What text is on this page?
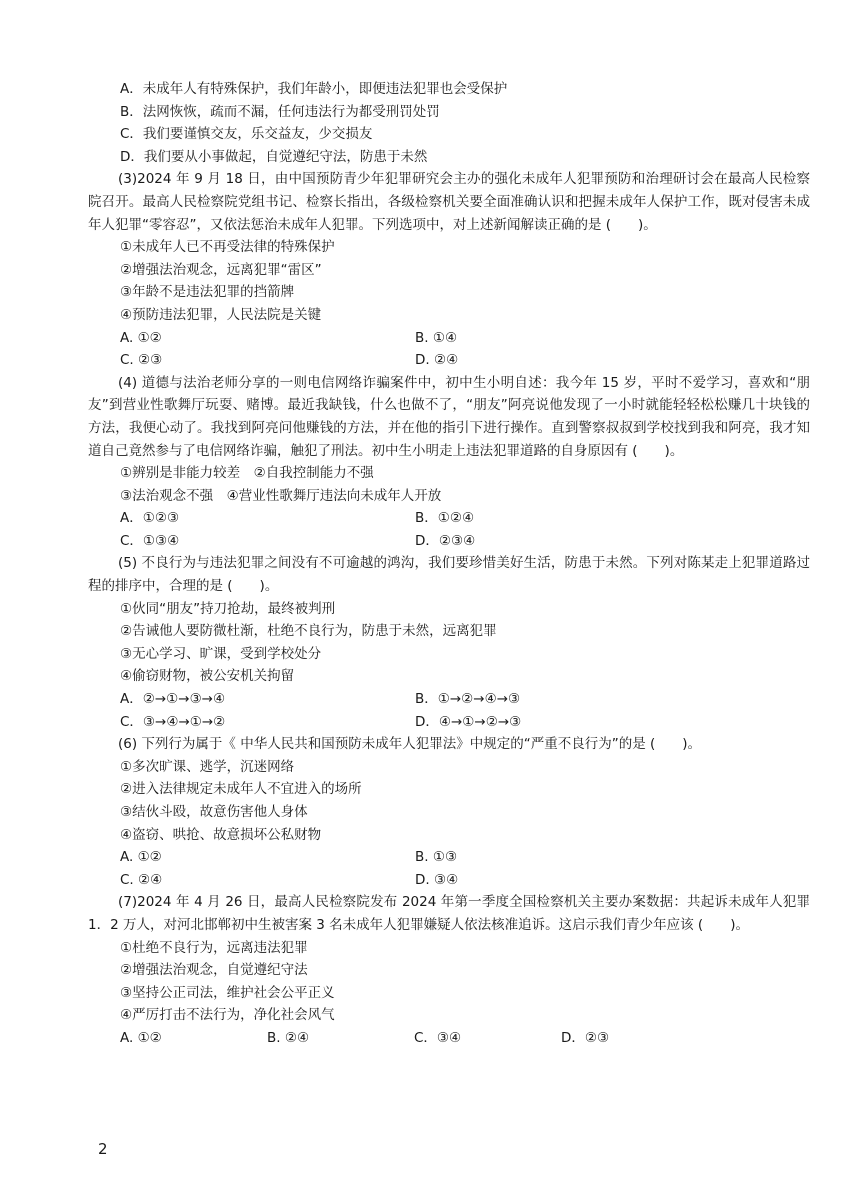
A．未成年人有特殊保护，我们年龄小，即便违法犯罪也会受保护
B．法网恢恢，疏而不漏，任何违法行为都受刑罚处罚
C．我们要谨慎交友，乐交益友，少交损友
D．我们要从小事做起，自觉遵纪守法，防患于未然
(3)2024 年 9 月 18 日，由中国预防青少年犯罪研究会主办的强化未成年人犯罪预防和治理研讨会在最高人民检察院召开。最高人民检察院党组书记、检察长指出，各级检察机关要全面准确认识和把握未成年人保护工作，既对侵害未成年人犯罪“零容忍”，又依法惩治未成年人犯罪。下列选项中，对上述新闻解读正确的是 (　　)。
①未成年人已不再受法律的特殊保护
②增强法治观念，远离犯罪“雷区”
③年龄不是违法犯罪的挡箭牌
④预防违法犯罪，人民法院是关键
A. ①②	B. ①④
C. ②③	D. ②④
(4) 道德与法治老师分享的一则电信网络诈骗案件中，初中生小明自述：我今年 15 岁，平时不爱学习，喜欢和“朋友”到营业性歌舞厅玩耍、赌博。最近我缺钱，什么也做不了，“朋友”阿亮说他发现了一小时就能轻轻松松赚几十块钱的方法，我便心动了。我找到阿亮问他赚钱的方法，并在他的指引下进行操作。直到警察叔叔到学校找到我和阿亮，我才知道自己竟然参与了电信网络诈骗，触犯了刑法。初中生小明走上违法犯罪道路的自身原因有 (　　)。
①辨别是非能力较差　②自我控制能力不强
③法治观念不强　④营业性歌舞厅违法向未成年人开放
A．①②③	B．①②④
C．①③④	D．②③④
(5) 不良行为与违法犯罪之间没有不可逾越的鸿沟，我们要珍惜美好生活，防患于未然。下列对陈某走上犯罪道路过程的排序中，合理的是 (　　)。
①伙同“朋友”持刀抢劫，最终被判刑
②告诫他人要防微杜渐，杜绝不良行为，防患于未然，远离犯罪
③无心学习、旷课，受到学校处分
④偷窃财物，被公安机关拘留
A．②→①→③→④	B．①→②→④→③
C．③→④→①→②	D．④→①→②→③
(6) 下列行为属于《 中华人民共和国预防未成年人犯罪法》中规定的“严重不良行为”的是 (　　)。
①多次旷课、逃学，沉迷网络
②进入法律规定未成年人不宜进入的场所
③结伙斗殴，故意伤害他人身体
④盗窃、哄抢、故意损坏公私财物
A. ①②	B. ①③
C. ②④	D. ③④
(7)2024 年 4 月 26 日，最高人民检察院发布 2024 年第一季度全国检察机关主要办案数据：共起诉未成年人犯罪 1．2 万人，对河北邯郸初中生被害案 3 名未成年人犯罪嫌疑人依法核准追诉。这启示我们青少年应该 (　　)。
①杜绝不良行为，远离违法犯罪
②增强法治观念，自觉遵纪守法
③坚持公正司法，维护社会公平正义
④严厉打击不法行为，净化社会风气
A. ①②	B. ②④	C．③④	D．②③
2
